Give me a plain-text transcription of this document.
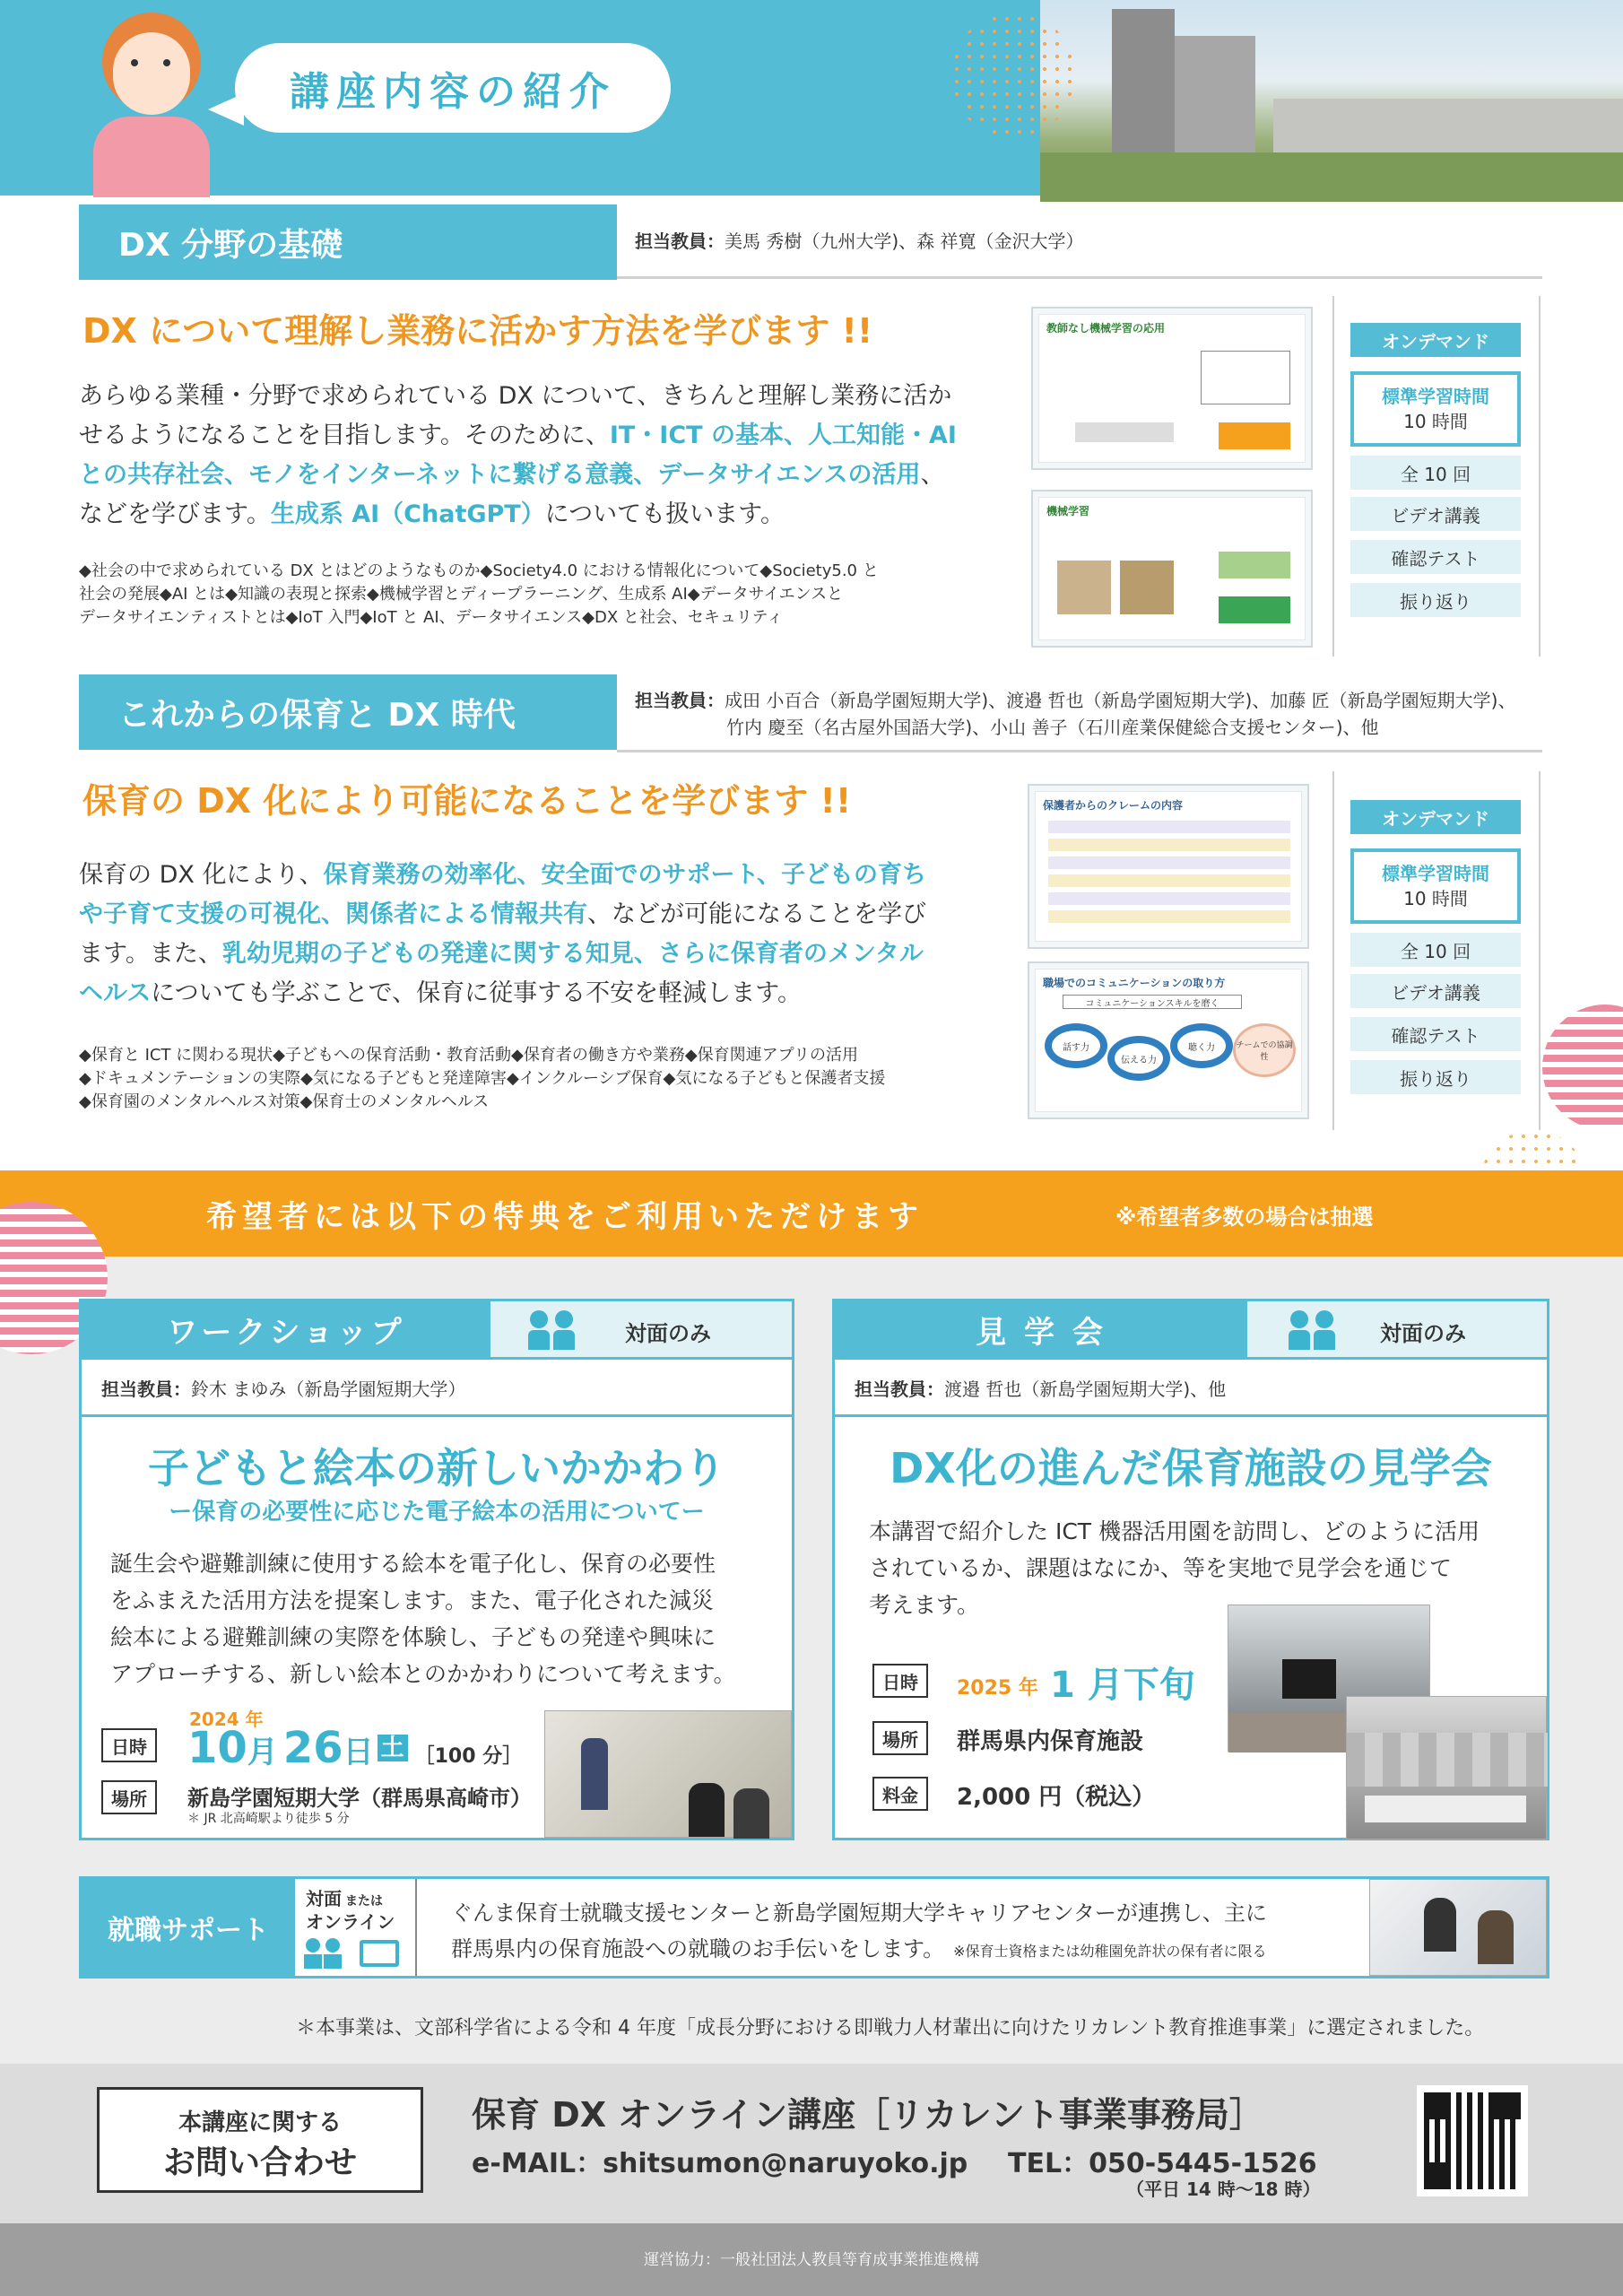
講座内容の紹介
DX 分野の基礎	担当教員：美馬 秀樹（九州大学)、森 祥寛（金沢大学）
DX について理解し業務に活かす方法を学びます !!
あらゆる業種・分野で求められている DX について、きちんと理解し業務に活か
せるようになることを目指します。そのために、IT・ICT の基本、人工知能・AI
との共存社会、モノをインターネットに繋げる意義、データサイエンスの活用、
などを学びます。生成系 AI（ChatGPT）についても扱います。
◆社会の中で求められている DX とはどのようなものか◆Society4.0 における情報化について◆Society5.0 と
社会の発展◆AI とは◆知識の表現と探索◆機械学習とディープラーニング、生成系 AI◆データサイエンスと
データサイエンティストとは◆IoT 入門◆IoT と AI、データサイエンス◆DX と社会、セキュリティ
教師なし機械学習の応用
機械学習
オンデマンド
標準学習時間
10 時間
全 10 回
ビデオ講義
確認テスト
振り返り
これからの保育と DX 時代	担当教員：成田 小百合（新島学園短期大学)、渡邉 哲也（新島学園短期大学)、加藤 匠（新島学園短期大学)、
竹内 慶至（名古屋外国語大学)、小山 善子（石川産業保健総合支援センター)、他
保育の DX 化により可能になることを学びます !!
保育の DX 化により、保育業務の効率化、安全面でのサポート、子どもの育ち
や子育て支援の可視化、関係者による情報共有、などが可能になることを学び
ます。また、乳幼児期の子どもの発達に関する知見、さらに保育者のメンタル
ヘルスについても学ぶことで、保育に従事する不安を軽減します。
◆保育と ICT に関わる現状◆子どもへの保育活動・教育活動◆保育者の働き方や業務◆保育関連アプリの活用
◆ドキュメンテーションの実際◆気になる子どもと発達障害◆インクルーシブ保育◆気になる子どもと保護者支援
◆保育園のメンタルヘルス対策◆保育士のメンタルヘルス
保護者からのクレームの内容
職場でのコミュニケーションの取り方
コミュニケーションスキルを磨く
話す力
伝える力
聴く力	チームでの協調性
オンデマンド
標準学習時間
10 時間
全 10 回
ビデオ講義
確認テスト
振り返り
希望者には以下の特典をご利用いただけます	※希望者多数の場合は抽選
ワークショップ	対面のみ
担当教員：鈴木 まゆみ（新島学園短期大学）
子どもと絵本の新しいかかわり
ー保育の必要性に応じた電子絵本の活用についてー
誕生会や避難訓練に使用する絵本を電子化し、保育の必要性
をふまえた活用方法を提案します。また、電子化された減災
絵本による避難訓練の実際を体験し、子どもの発達や興味に
アプローチする、新しい絵本とのかかわりについて考えます。
日時
2024 年
10月 26日 土 ［100 分］
場所	新島学園短期大学（群馬県高崎市）
＊ JR 北高崎駅より徒歩 5 分
見 学 会	対面のみ
担当教員：渡邉 哲也（新島学園短期大学)、他
DX化の進んだ保育施設の見学会
本講習で紹介した ICT 機器活用園を訪問し、どのように活用
されているか、課題はなにか、等を実地で見学会を通じて
考えます。
日時	2025 年 1 月下旬
場所	群馬県内保育施設
料金	2,000 円（税込）
就職サポート
対面 または
オンライン	ぐんま保育士就職支援センターと新島学園短期大学キャリアセンターが連携し、主に
群馬県内の保育施設への就職のお手伝いをします。 ※保育士資格または幼稚園免許状の保有者に限る
＊本事業は、文部科学省による令和 4 年度「成長分野における即戦力人材輩出に向けたリカレント教育推進事業」に選定されました。
本講座に関する
お問い合わせ
保育 DX オンライン講座［リカレント事業事務局］
e-MAIL：shitsumon@naruyoko.jp TEL：050-5445-1526
（平日 14 時〜18 時）
運営協力：一般社団法人教員等育成事業推進機構
